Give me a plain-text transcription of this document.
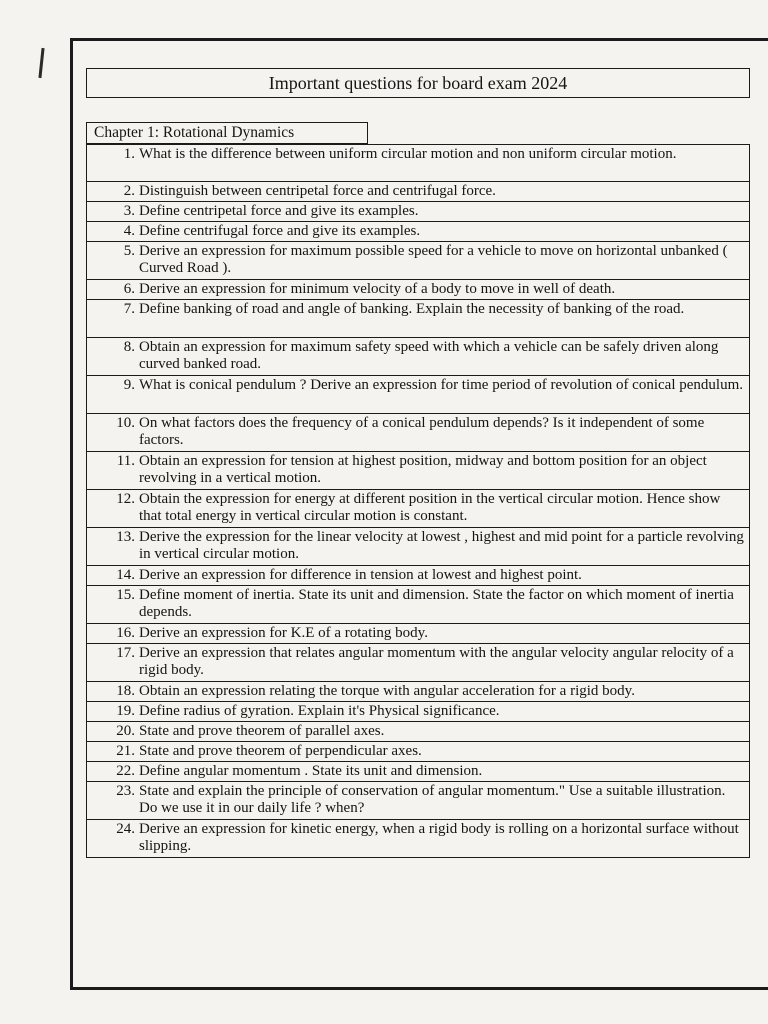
Important questions for board exam 2024
Chapter 1: Rotational Dynamics
1. What is the difference between uniform circular motion and non uniform circular motion.
2. Distinguish between centripetal force and centrifugal force.
3. Define centripetal force and give its examples.
4. Define centrifugal force and give its examples.
5. Derive an expression for maximum possible speed for a vehicle to move on horizontal unbanked ( Curved Road ).
6. Derive an expression for minimum velocity of a body to move in well of death.
7. Define banking of road and angle of banking. Explain the necessity of banking of the road.
8. Obtain an expression for maximum safety speed with which a vehicle can be safely driven along curved banked road.
9. What is conical pendulum ? Derive an expression for time period of revolution of conical pendulum.
10. On what factors does the frequency of a conical pendulum depends? Is it independent of some factors.
11. Obtain an expression for tension at highest position, midway and bottom position for an object revolving in a vertical motion.
12. Obtain the expression for energy at different position in the vertical circular motion. Hence show that total energy in vertical circular motion is constant.
13. Derive the expression for the linear velocity at lowest , highest and mid point for a particle revolving in vertical circular motion.
14. Derive an expression for difference in tension at lowest and highest point.
15. Define moment of inertia. State its unit and dimension. State the factor on which moment of inertia depends.
16. Derive an expression for K.E of a rotating body.
17. Derive an expression that relates angular momentum with the angular velocity angular relocity of a rigid body.
18. Obtain an expression relating the torque with angular acceleration for a rigid body.
19. Define radius of gyration. Explain it's Physical significance.
20. State and prove theorem of parallel axes.
21. State and prove theorem of perpendicular axes.
22. Define angular momentum . State its unit and dimension.
23. State and explain the principle of conservation of angular momentum." Use a suitable illustration. Do we use it in our daily life ? when?
24. Derive an expression for kinetic energy, when a rigid body is rolling on a horizontal surface without slipping.
